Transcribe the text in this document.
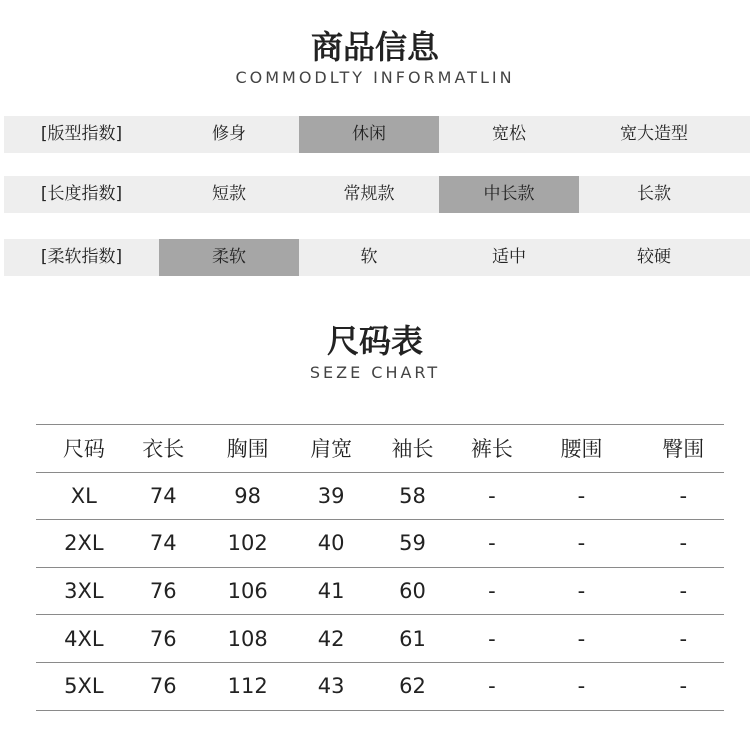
商品信息
COMMODLTY INFORMATLIN
[版型指数]	修身	休闲	宽松	宽大造型
[长度指数]	短款	常规款	中长款	长款
[柔软指数]	柔软	软	适中	较硬
尺码表
SEZE CHART
尺码	衣长	胸围	肩宽	袖长	裤长	腰围	臀围
XL	74	98	39	58	-	-	-
2XL	74	102	40	59	-	-	-
3XL	76	106	41	60	-	-	-
4XL	76	108	42	61	-	-	-
5XL	76	112	43	62	-	-	-
